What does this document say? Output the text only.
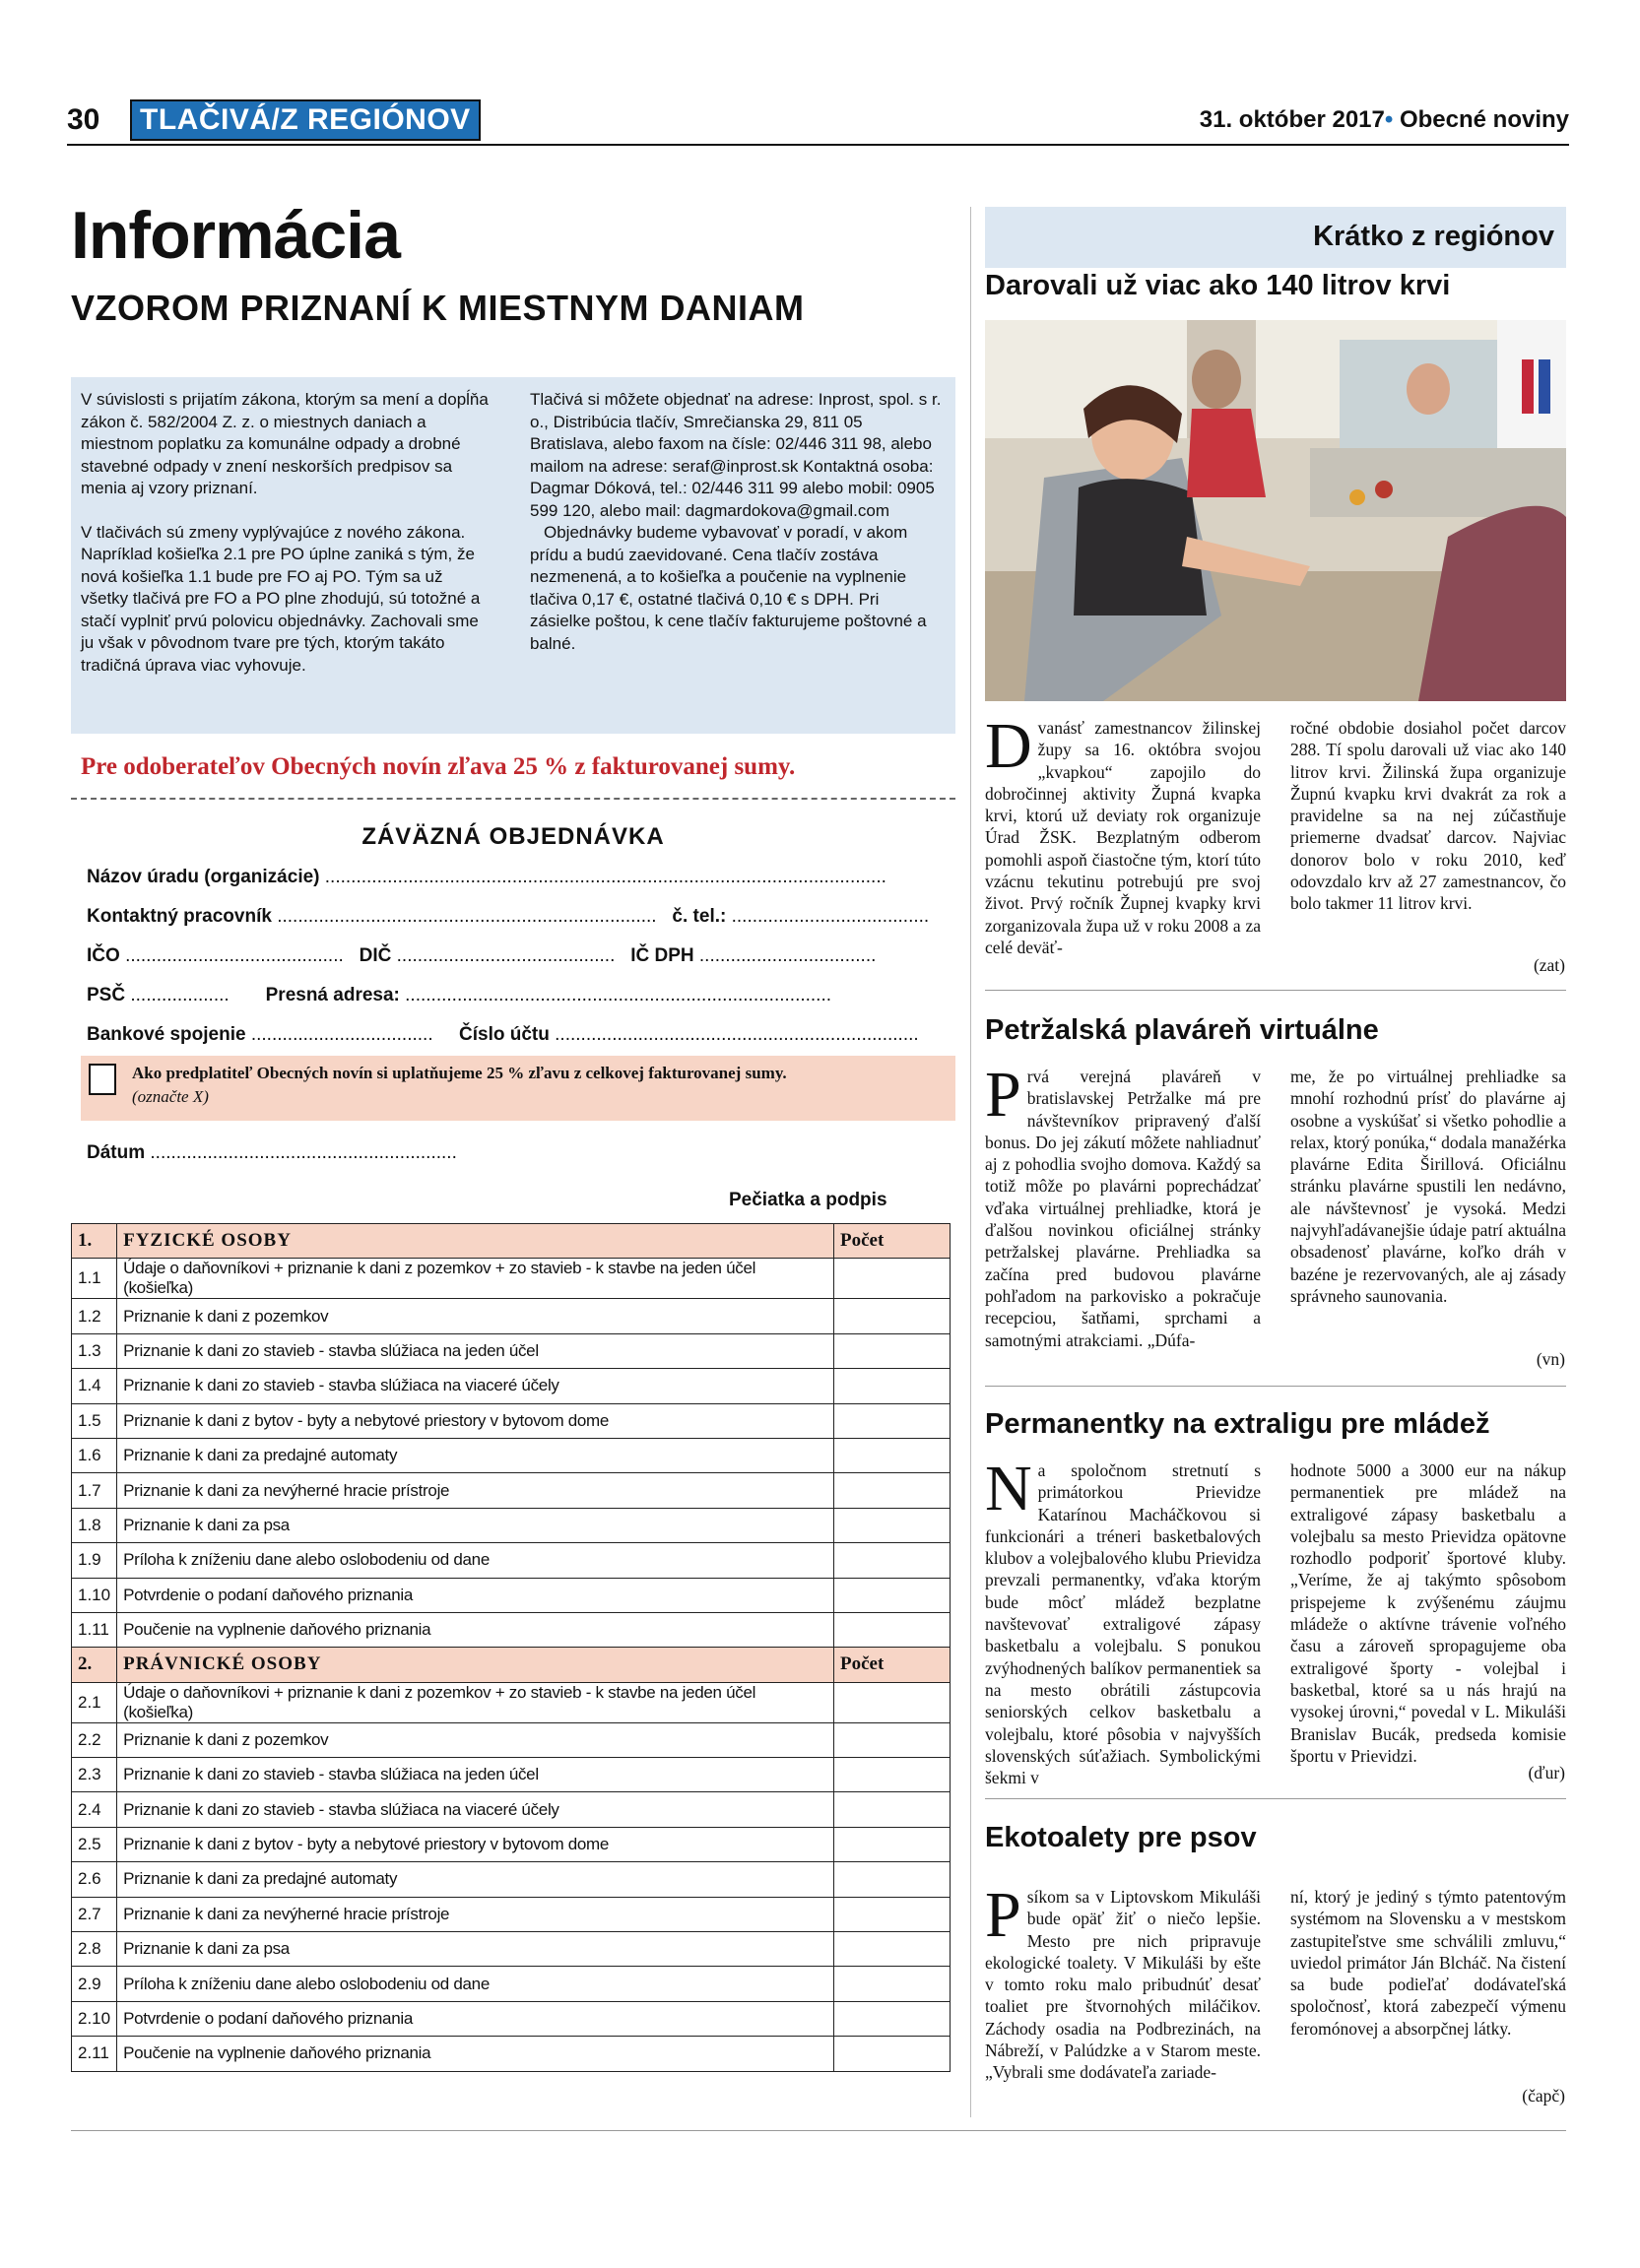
30	TLAČIVÁ/Z REGIÓNOV	31. október 2017• Obecné noviny
Informácia
VZOROM PRIZNANÍ K MIESTNYM DANIAM

V súvislosti s prijatím zákona, ktorým sa mení a dopĺňa zákon č. 582/2004 Z. z. o miestnych daniach a miestnom poplatku za komunálne odpady a drobné stavebné odpady v znení neskorších predpisov sa menia aj vzory priznaní.

V tlačivách sú zmeny vyplývajúce z nového zákona. Napríklad košieľka 2.1 pre PO úplne zaniká s tým, že nová košieľka 1.1 bude pre FO aj PO. Tým sa už všetky tlačivá pre FO a PO plne zhodujú, sú totožné a stačí vyplniť prvú polovicu objednávky. Zachovali sme ju však v pôvodnom tvare pre tých, ktorým takáto tradičná úprava viac vyhovuje.

Tlačivá si môžete objednať na adrese: Inprost, spol. s r. o., Distribúcia tlačív, Smrečianska 29, 811 05 Bratislava, alebo faxom na čísle: 02/446 311 98, alebo mailom na adrese: seraf@inprost.sk Kontaktná osoba: Dagmar Dóková, tel.: 02/446 311 99 alebo mobil: 0905 599 120, alebo mail: dagmardokova@gmail.com

Objednávky budeme vybavovať v poradí, v akom prídu a budú zaevidované. Cena tlačív zostáva nezmenená, a to košieľka a poučenie na vyplnenie tlačiva 0,17 €, ostatné tlačivá 0,10 € s DPH. Pri zásielke poštou, k cene tlačív fakturujeme poštovné a balné.

Pre odoberateľov Obecných novín zľava 25 % z fakturovanej sumy.
ZÁVÄZNÁ OBJEDNÁVKA
Názov úradu (organizácie) ............................................................................................................
Kontaktný pracovník ......................................................................... č. tel.: ......................................
IČO .......................................... DIČ .......................................... IČ DPH ..................................
PSČ ................... Presná adresa: ..................................................................................
Bankové spojenie ................................... Číslo účtu ......................................................................
Ako predplatiteľ Obecných novín si uplatňujeme 25 % zľavu z celkovej fakturovanej sumy.
(označte X)
Dátum ...........................................................
Pečiatka a podpis
1.	FYZICKÉ OSOBY	Počet
1.1	Údaje o daňovníkovi + priznanie k dani z pozemkov + zo stavieb - k stavbe na jeden účel (košieľka)	
1.2	Priznanie k dani z pozemkov	
1.3	Priznanie k dani zo stavieb - stavba slúžiaca na jeden účel	
1.4	Priznanie k dani zo stavieb - stavba slúžiaca na viaceré účely	
1.5	Priznanie k dani z bytov - byty a nebytové priestory v bytovom dome	
1.6	Priznanie k dani za predajné automaty	
1.7	Priznanie k dani za nevýherné hracie prístroje	
1.8	Priznanie k dani za psa	
1.9	Príloha k zníženiu dane alebo oslobodeniu od dane	
1.10	Potvrdenie o podaní daňového priznania	
1.11	Poučenie na vyplnenie daňového priznania	
2.	PRÁVNICKÉ OSOBY	Počet
2.1	Údaje o daňovníkovi + priznanie k dani z pozemkov + zo stavieb - k stavbe na jeden účel (košieľka)	
2.2	Priznanie k dani z pozemkov	
2.3	Priznanie k dani zo stavieb - stavba slúžiaca na jeden účel	
2.4	Priznanie k dani zo stavieb - stavba slúžiaca na viaceré účely	
2.5	Priznanie k dani z bytov - byty a nebytové priestory v bytovom dome	
2.6	Priznanie k dani za predajné automaty	
2.7	Priznanie k dani za nevýherné hracie prístroje	
2.8	Priznanie k dani za psa	
2.9	Príloha k zníženiu dane alebo oslobodeniu od dane	
2.10	Potvrdenie o podaní daňového priznania	
2.11	Poučenie na vyplnenie daňového priznania	
Krátko z regiónov
Darovali už viac ako 140 litrov krvi
Dvanásť zamestnancov žilinskej župy sa 16. októbra svojou „kvapkou“ zapojilo do dobročinnej aktivity Župná kvapka krvi, ktorú už deviaty rok organizuje Úrad ŽSK. Bezplatným odberom pomohli aspoň čiastočne tým, ktorí túto vzácnu tekutinu potrebujú pre svoj život. Prvý ročník Župnej kvapky krvi zorganizovala župa už v roku 2008 a za celé deväť-
ročné obdobie dosiahol počet darcov 288. Tí spolu darovali už viac ako 140 litrov krvi. Žilinská župa organizuje Župnú kvapku krvi dvakrát za rok a pravidelne sa na nej zúčastňuje priemerne dvadsať darcov. Najviac donorov bolo v roku 2010, keď odovzdalo krv až 27 zamestnancov, čo bolo takmer 11 litrov krvi.
(zat)
Petržalská plaváreň virtuálne
Prvá verejná plaváreň v bratislavskej Petržalke má pre návštevníkov pripravený ďalší bonus. Do jej zákutí môžete nahliadnuť aj z pohodlia svojho domova. Každý sa totiž môže po plavárni poprechádzať vďaka virtuálnej prehliadke, ktorá je ďalšou novinkou oficiálnej stránky petržalskej plavárne. Prehliadka sa začína pred budovou plavárne pohľadom na parkovisko a pokračuje recepciou, šatňami, sprchami a samotnými atrakciami. „Dúfa-
me, že po virtuálnej prehliadke sa mnohí rozhodnú prísť do plavárne aj osobne a vyskúšať si všetko pohodlie a relax, ktorý ponúka,“ dodala manažérka plavárne Edita Širillová. Oficiálnu stránku plavárne spustili len nedávno, ale návštevnosť je vysoká. Medzi najvyhľadávanejšie údaje patrí aktuálna obsadenosť plavárne, koľko dráh v bazéne je rezervovaných, ale aj zásady správneho saunovania.
(vn)
Permanentky na extraligu pre mládež
Na spoločnom stretnutí s primátorkou Prievidze Katarínou Macháčkovou si funkcionári a tréneri basketbalových klubov a volejbalového klubu Prievidza prevzali permanentky, vďaka ktorým bude môcť mládež bezplatne navštevovať extraligové zápasy basketbalu a volejbalu. S ponukou zvýhodnených balíkov permanentiek sa na mesto obrátili zástupcovia seniorských celkov basketbalu a volejbalu, ktoré pôsobia v najvyšších slovenských súťažiach. Symbolickými šekmi v
hodnote 5000 a 3000 eur na nákup permanentiek pre mládež na extraligové zápasy basketbalu a volejbalu sa mesto Prievidza opätovne rozhodlo podporiť športové kluby. „Veríme, že aj takýmto spôsobom prispejeme k zvýšenému záujmu mládeže o aktívne trávenie voľného času a zároveň spropagujeme oba extraligové športy - volejbal i basketbal, ktoré sa u nás hrajú na vysokej úrovni,“ povedal v L. Mikuláši Branislav Bucák, predseda komisie športu v Prievidzi.
(ďur)
Ekotoalety pre psov
Psíkom sa v Liptovskom Mikuláši bude opäť žiť o niečo lepšie. Mesto pre nich pripravuje ekologické toalety. V Mikuláši by ešte v tomto roku malo pribudnúť desať toaliet pre štvornohých miláčikov. Záchody osadia na Podbrezinách, na Nábreží, v Palúdzke a v Starom meste. „Vybrali sme dodávateľa zariade-
ní, ktorý je jediný s týmto patentovým systémom na Slovensku a v mestskom zastupiteľstve sme schválili zmluvu,“ uviedol primátor Ján Blcháč. Na čistení sa bude podieľať dodávateľská spoločnosť, ktorá zabezpečí výmenu feromónovej a absorpčnej látky.
(čapč)
